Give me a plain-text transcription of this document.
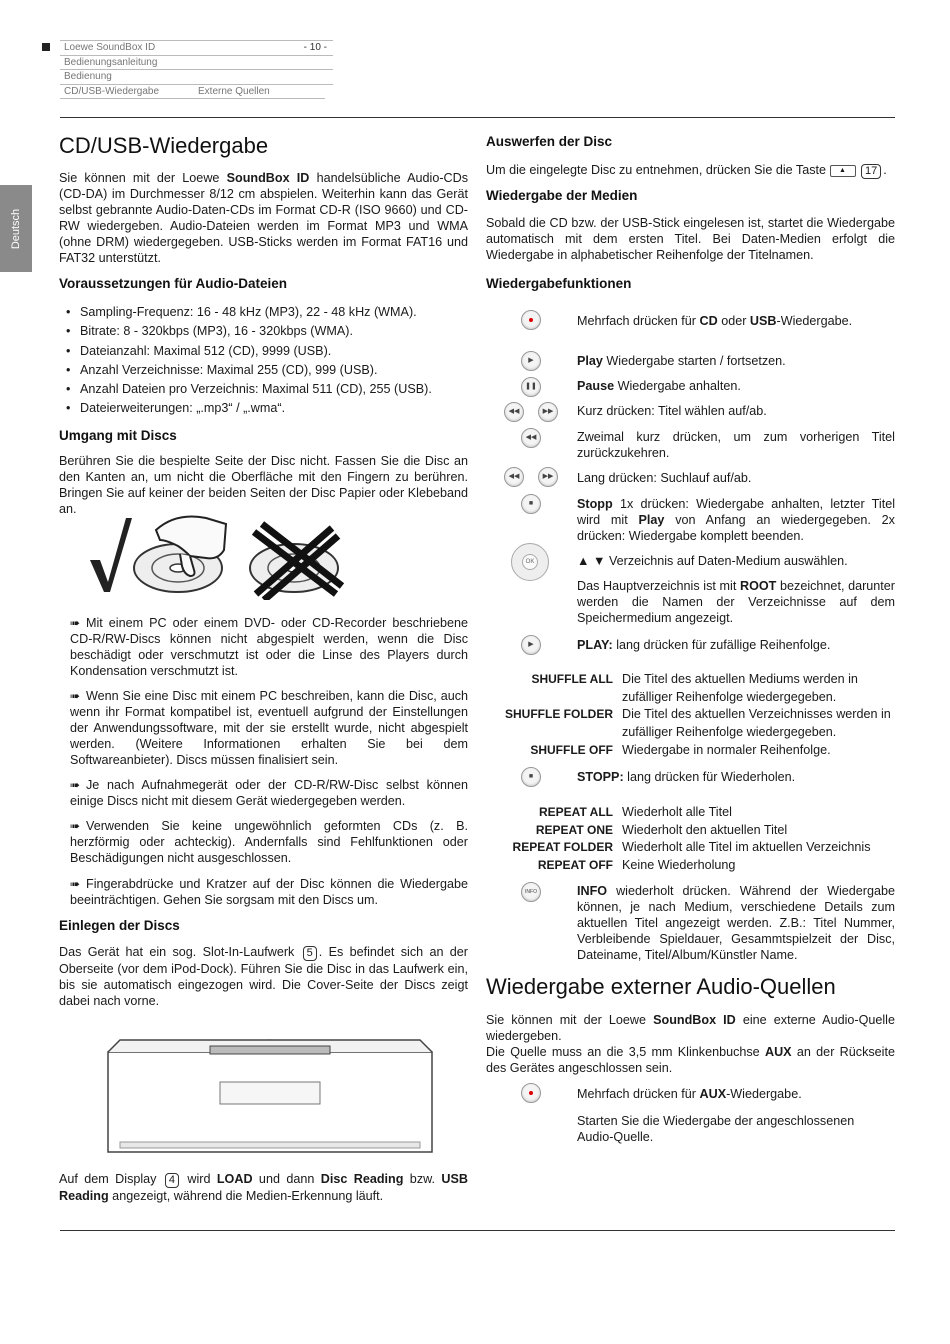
Loewe SoundBox ID	- 10 -
Bedienungsanleitung
Bedienung
CD/USB-Wiedergabe	Externe Quellen
Deutsch
CD/USB-Wiedergabe
Sie können mit der Loewe SoundBox ID handelsübliche Audio-CDs (CD-DA) im Durchmesser 8/12 cm abspielen. Weiterhin kann das Gerät selbst gebrannte Audio-Daten-CDs im Format CD-R (ISO 9660) und CD-RW wiedergeben. Audio-Dateien werden im Format MP3 und WMA (ohne DRM) wiedergegeben. USB-Sticks werden im Format FAT16 und FAT32 unterstützt.
Voraussetzungen für Audio-Dateien
• Sampling-Frequenz: 16 - 48 kHz (MP3), 22 - 48 kHz (WMA).
• Bitrate: 8 - 320kbps (MP3), 16 - 320kbps (WMA).
• Dateianzahl: Maximal 512 (CD), 9999 (USB).
• Anzahl Verzeichnisse: Maximal 255 (CD), 999 (USB).
• Anzahl Dateien pro Verzeichnis: Maximal 511 (CD), 255 (USB).
• Dateierweiterungen: „.mp3“ / „.wma“.
Umgang mit Discs
Berühren Sie die bespielte Seite der Disc nicht. Fassen Sie die Disc an den Kanten an, um nicht die Oberfläche mit den Fingern zu berühren. Bringen Sie auf keiner der beiden Seiten der Disc Papier oder Klebeband an.
➠ Mit einem PC oder einem DVD- oder CD-Recorder beschriebene CD-R/RW-Discs können nicht abgespielt werden, wenn die Disc beschädigt oder verschmutzt ist oder die Linse des Players durch Kondensation verschmutzt ist.
➠ Wenn Sie eine Disc mit einem PC beschreiben, kann die Disc, auch wenn ihr Format kompatibel ist, eventuell aufgrund der Einstellungen der Anwendungssoftware, mit der sie erstellt wurde, nicht abgespielt werden. (Weitere Informationen erhalten Sie bei dem Softwareanbieter). Discs müssen finalisiert sein.
➠ Je nach Aufnahmegerät oder der CD-R/RW-Disc selbst können einige Discs nicht mit diesem Gerät wiedergegeben werden.
➠ Verwenden Sie keine ungewöhnlich geformten CDs (z. B. herzförmig oder achteckig). Andernfalls sind Fehlfunktionen oder Beschädigungen nicht ausgeschlossen.
➠ Fingerabdrücke und Kratzer auf der Disc können die Wiedergabe beeinträchtigen. Gehen Sie sorgsam mit den Discs um.
Einlegen der Discs
Das Gerät hat ein sog. Slot-In-Laufwerk 5 . Es befindet sich an der Oberseite (vor dem iPod-Dock). Führen Sie die Disc in das Laufwerk ein, bis sie automatisch eingezogen wird. Die Cover-Seite der Discs zeigt dabei nach vorne.
Auf dem Display 4 wird LOAD und dann Disc Reading bzw. USB Reading angezeigt, während die Medien-Erkennung läuft.
Auswerfen der Disc
Um die eingelegte Disc zu entnehmen, drücken Sie die Taste ▲ 17 .
Wiedergabe der Medien
Sobald die CD bzw. der USB-Stick eingelesen ist, startet die Wiedergabe automatisch mit dem ersten Titel. Bei Daten-Medien erfolgt die Wiedergabe in alphabetischer Reihenfolge der Titelnamen.
Wiedergabefunktionen
Mehrfach drücken für CD oder USB-Wiedergabe.
▶	Play Wiedergabe starten / fortsetzen.
❚❚	Pause Wiedergabe anhalten.
◀◀	▶▶	Kurz drücken: Titel wählen auf/ab.
◀◀	Zweimal kurz drücken, um zum vorherigen Titel zurückzukehren.
◀◀	▶▶	Lang drücken: Suchlauf auf/ab.
■	Stopp 1x drücken: Wiedergabe anhalten, letzter Titel wird mit Play von Anfang an wiedergegeben. 2x drücken: Wiedergabe komplett beenden.
OK	▲ ▼ Verzeichnis auf Daten-Medium auswählen.
Das Hauptverzeichnis ist mit ROOT bezeichnet, darunter werden die Namen der Verzeichnisse auf dem Speichermedium angezeigt.
▶	PLAY: lang drücken für zufällige Reihenfolge.
SHUFFLE ALL Die Titel des aktuellen Mediums werden in zufälliger Reihenfolge wiedergegeben.
SHUFFLE FOLDER Die Titel des aktuellen Verzeichnisses werden in zufälliger Reihenfolge wiedergegeben.
SHUFFLE OFF Wiedergabe in normaler Reihenfolge.
■	STOPP: lang drücken für Wiederholen.
REPEAT ALL Wiederholt alle Titel
REPEAT ONE Wiederholt den aktuellen Titel
REPEAT FOLDER Wiederholt alle Titel im aktuellen Verzeichnis
REPEAT OFF Keine Wiederholung
INFO	INFO wiederholt drücken. Während der Wiedergabe können, je nach Medium, verschiedene Details zum aktuellen Titel angezeigt werden. Z.B.: Titel Nummer, Verbleibende Spieldauer, Gesammtspielzeit der Disc, Dateiname, Titel/Album/Künstler Name.
Wiedergabe externer Audio-Quellen
Sie können mit der Loewe SoundBox ID eine externe Audio-Quelle wiedergeben.
Die Quelle muss an die 3,5 mm Klinkenbuchse AUX an der Rückseite des Gerätes angeschlossen sein.
Mehrfach drücken für AUX-Wiedergabe.
Starten Sie die Wiedergabe der angeschlossenen Audio-Quelle.
